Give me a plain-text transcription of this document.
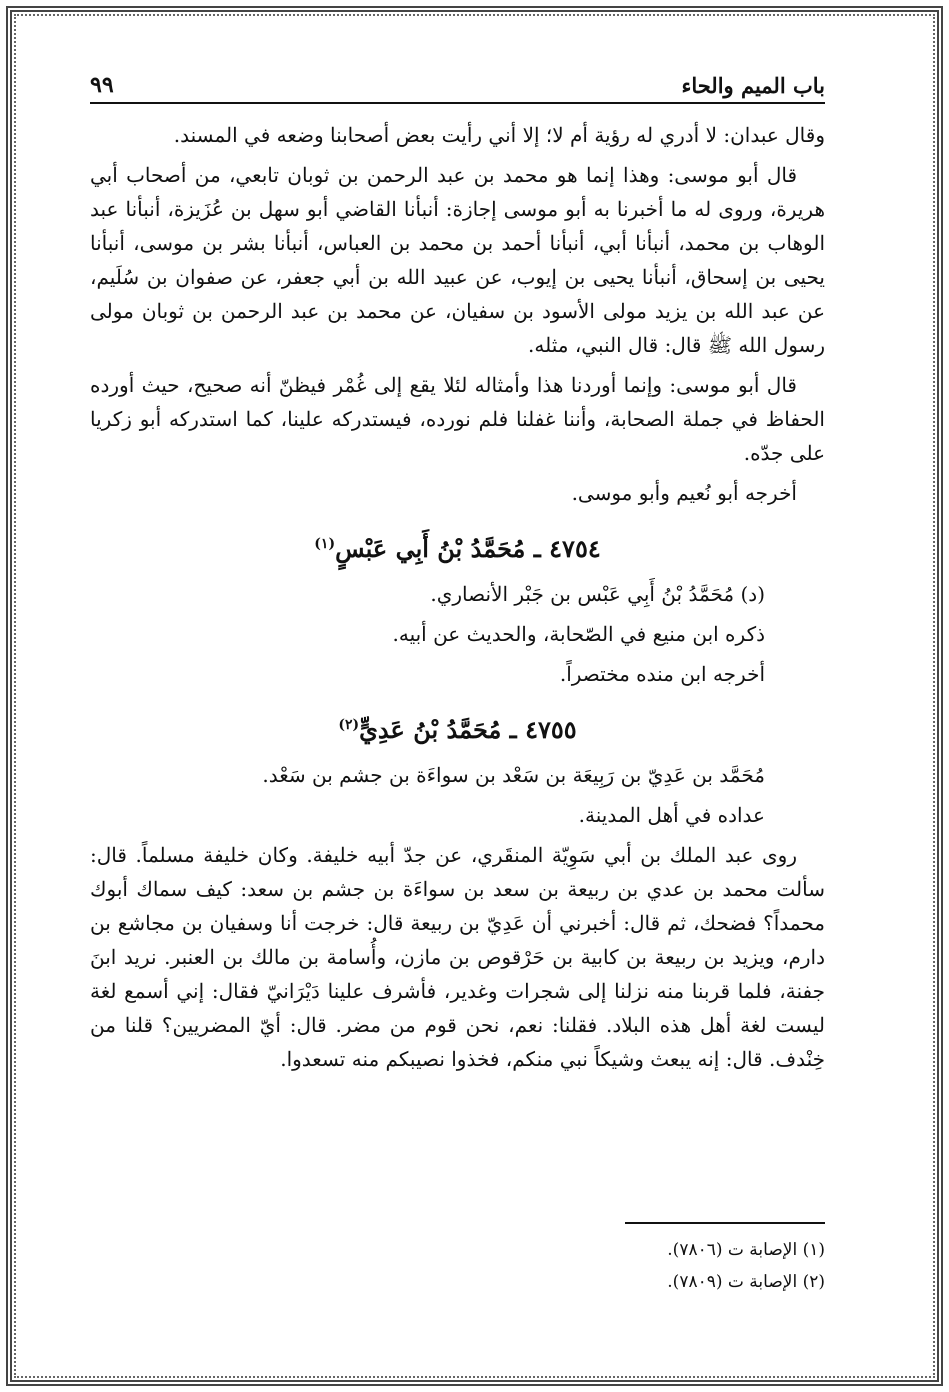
باب الميم والحاء
٩٩

وقال عبدان: لا أدري له رؤية أم لا؛ إلا أني رأيت بعض أصحابنا وضعه في المسند.

قال أبو موسى: وهذا إنما هو محمد بن عبد الرحمن بن ثوبان تابعي، من أصحاب أبي هريرة، وروى له ما أخبرنا به أبو موسى إجازة: أنبأنا القاضي أبو سهل بن عُزَيزة، أنبأنا عبد الوهاب بن محمد، أنبأنا أبي، أنبأنا أحمد بن محمد بن العباس، أنبأنا بشر بن موسى، أنبأنا يحيى بن إسحاق، أنبأنا يحيى بن إيوب، عن عبيد الله بن أبي جعفر، عن صفوان بن سُلَيم، عن عبد الله بن يزيد مولى الأسود بن سفيان، عن محمد بن عبد الرحمن بن ثوبان مولى رسول الله ﷺ قال: قال النبي، مثله.

قال أبو موسى: وإنما أوردنا هذا وأمثاله لئلا يقع إلى غُمْر فيظنّ أنه صحيح، حيث أورده الحفاظ في جملة الصحابة، وأننا غفلنا فلم نورده، فيستدركه علينا، كما استدركه أبو زكريا على جدّه.

أخرجه أبو نُعيم وأبو موسى.

٤٧٥٤ ـ مُحَمَّدُ بْنُ أَبِي عَبْسٍ$^{(١)}$

(د) مُحَمَّدُ بْنُ أَبِي عَبْس بن جَبْر الأنصاري.

ذكره ابن منيع في الصّحابة، والحديث عن أبيه.

أخرجه ابن منده مختصراً.

٤٧٥٥ ـ مُحَمَّدُ بْنُ عَدِيٍّ$^{(٢)}$

مُحَمَّد بن عَدِيّ بن رَبِيعَة بن سَعْد بن سواءَة بن جشم بن سَعْد.

عداده في أهل المدينة.

روى عبد الملك بن أبي سَوِيّة المنقَري، عن جدّ أبيه خليفة. وكان خليفة مسلماً. قال: سألت محمد بن عدي بن ربيعة بن سعد بن سواءَة بن جشم بن سعد: كيف سماك أبوك محمداً؟ فضحك، ثم قال: أخبرني أن عَدِيّ بن ربيعة قال: خرجت أنا وسفيان بن مجاشع بن دارم، ويزيد بن ربيعة بن كابية بن حَرْقوص بن مازن، وأُسامة بن مالك بن العنبر. نريد ابنَ جفنة، فلما قربنا منه نزلنا إلى شجرات وغدير، فأشرف علينا دَيْرَانيّ فقال: إني أسمع لغة ليست لغة أهل هذه البلاد. فقلنا: نعم، نحن قوم من مضر. قال: أيّ المضريين؟ قلنا من خِنْدف. قال: إنه يبعث وشيكاً نبي منكم، فخذوا نصيبكم منه تسعدوا.

(١) الإصابة ت (٧٨٠٦).
(٢) الإصابة ت (٧٨٠٩).
